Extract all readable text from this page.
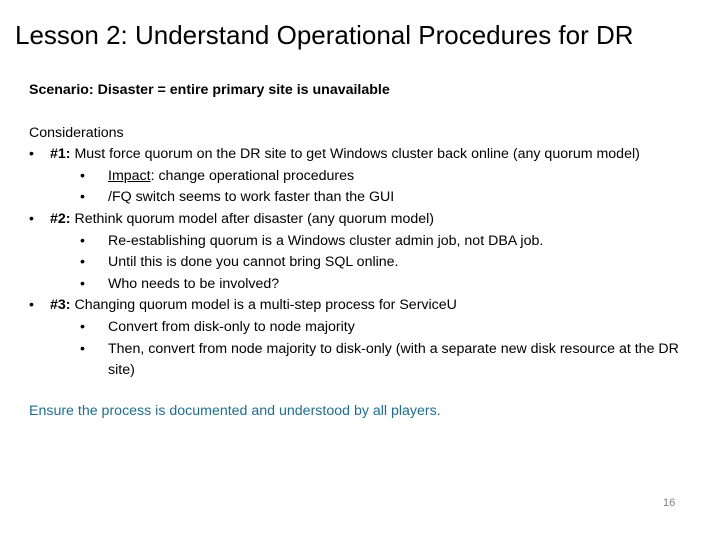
Lesson 2: Understand Operational Procedures for DR
Scenario: Disaster = entire primary site is unavailable
Considerations
• #1: Must force quorum on the DR site to get Windows cluster back online (any quorum model)
• Impact: change operational procedures
• /FQ switch seems to work faster than the GUI
• #2: Rethink quorum model after disaster (any quorum model)
• Re-establishing quorum is a Windows cluster admin job, not DBA job.
• Until this is done you cannot bring SQL online.
• Who needs to be involved?
• #3: Changing quorum model is a multi-step process for ServiceU
• Convert from disk-only to node majority
• Then, convert from node majority to disk-only (with a separate new disk resource at the DR site)
Ensure the process is documented and understood by all players.
16
